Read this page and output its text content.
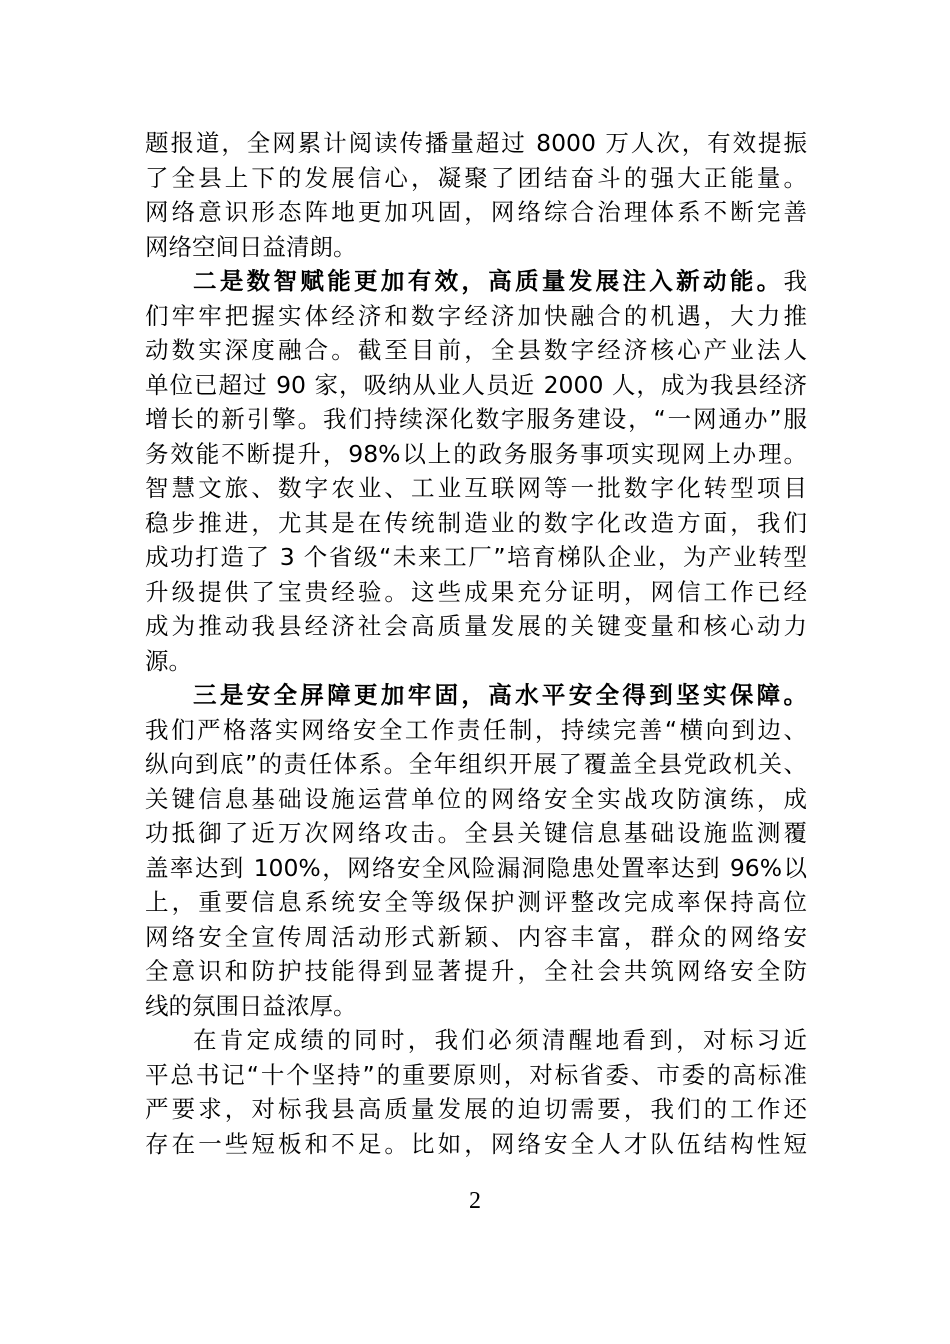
题报道，全网累计阅读传播量超过 8000 万人次，有效提振
了全县上下的发展信心，凝聚了团结奋斗的强大正能量。
网络意识形态阵地更加巩固，网络综合治理体系不断完善
网络空间日益清朗。
二是数智赋能更加有效，高质量发展注入新动能。我
们牢牢把握实体经济和数字经济加快融合的机遇，大力推
动数实深度融合。截至目前，全县数字经济核心产业法人
单位已超过 90 家，吸纳从业人员近 2000 人，成为我县经济
增长的新引擎。我们持续深化数字服务建设，“一网通办”服
务效能不断提升，98%以上的政务服务事项实现网上办理。
智慧文旅、数字农业、工业互联网等一批数字化转型项目
稳步推进，尤其是在传统制造业的数字化改造方面，我们
成功打造了 3 个省级“未来工厂”培育梯队企业，为产业转型
升级提供了宝贵经验。这些成果充分证明，网信工作已经
成为推动我县经济社会高质量发展的关键变量和核心动力
源。
三是安全屏障更加牢固，高水平安全得到坚实保障。
我们严格落实网络安全工作责任制，持续完善“横向到边、
纵向到底”的责任体系。全年组织开展了覆盖全县党政机关、
关键信息基础设施运营单位的网络安全实战攻防演练，成
功抵御了近万次网络攻击。全县关键信息基础设施监测覆
盖率达到 100%，网络安全风险漏洞隐患处置率达到 96%以
上，重要信息系统安全等级保护测评整改完成率保持高位
网络安全宣传周活动形式新颖、内容丰富，群众的网络安
全意识和防护技能得到显著提升，全社会共筑网络安全防
线的氛围日益浓厚。
在肯定成绩的同时，我们必须清醒地看到，对标习近
平总书记“十个坚持”的重要原则，对标省委、市委的高标准
严要求，对标我县高质量发展的迫切需要，我们的工作还
存在一些短板和不足。比如，网络安全人才队伍结构性短
2
